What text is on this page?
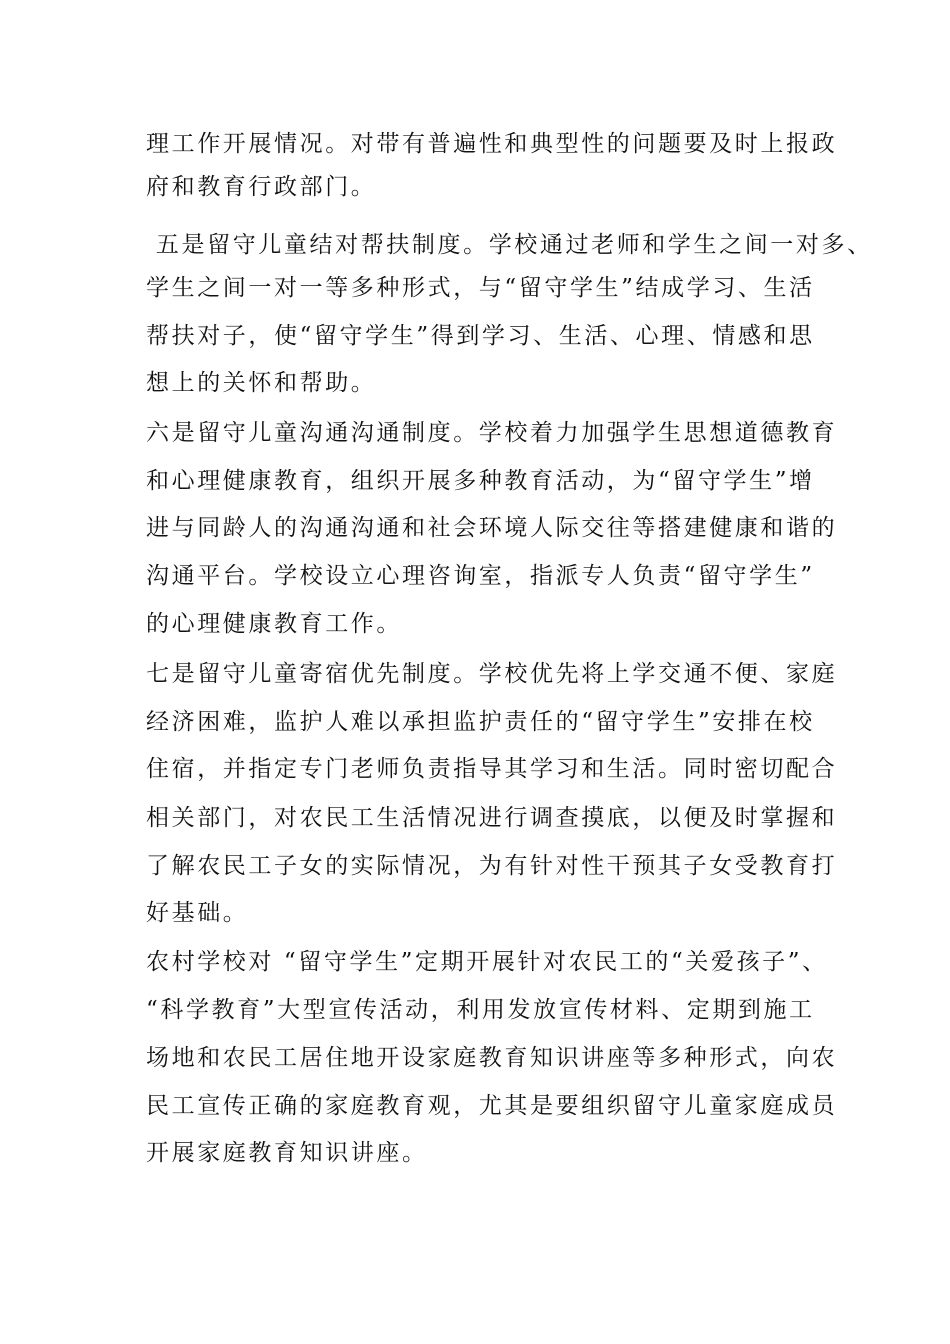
理工作开展情况。对带有普遍性和典型性的问题要及时上报政
府和教育行政部门。
五是留守儿童结对帮扶制度。学校通过老师和学生之间一对多、
学生之间一对一等多种形式，与“留守学生”结成学习、生活
帮扶对子，使“留守学生”得到学习、生活、心理、情感和思
想上的关怀和帮助。
六是留守儿童沟通沟通制度。学校着力加强学生思想道德教育
和心理健康教育，组织开展多种教育活动，为“留守学生”增
进与同龄人的沟通沟通和社会环境人际交往等搭建健康和谐的
沟通平台。学校设立心理咨询室，指派专人负责“留守学生”
的心理健康教育工作。
七是留守儿童寄宿优先制度。学校优先将上学交通不便、家庭
经济困难，监护人难以承担监护责任的“留守学生”安排在校
住宿，并指定专门老师负责指导其学习和生活。同时密切配合
相关部门，对农民工生活情况进行调查摸底，以便及时掌握和
了解农民工子女的实际情况，为有针对性干预其子女受教育打
好基础。
农村学校对 “留守学生”定期开展针对农民工的“关爱孩子”、
“科学教育”大型宣传活动，利用发放宣传材料、定期到施工
场地和农民工居住地开设家庭教育知识讲座等多种形式，向农
民工宣传正确的家庭教育观，尤其是要组织留守儿童家庭成员
开展家庭教育知识讲座。
